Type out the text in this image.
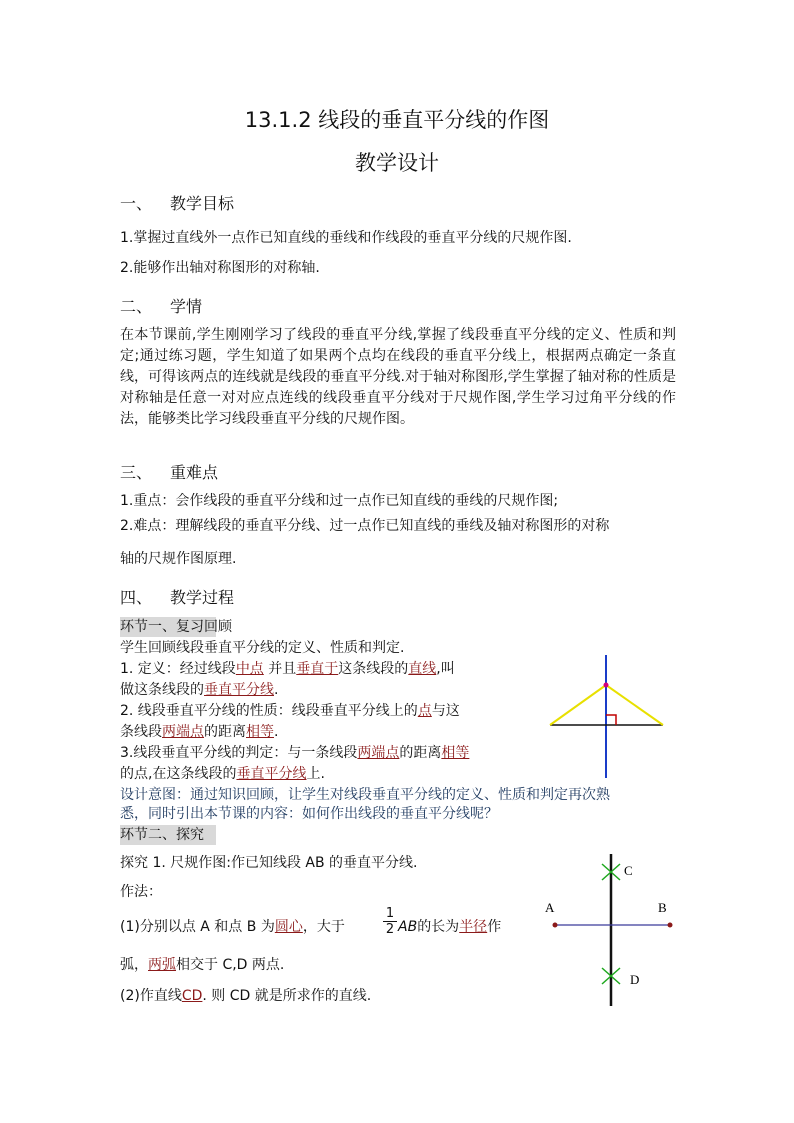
13.1.2 线段的垂直平分线的作图
教学设计
一、 教学目标
1.掌握过直线外一点作已知直线的垂线和作线段的垂直平分线的尺规作图.
2.能够作出轴对称图形的对称轴.
二、 学情
在本节课前,学生刚刚学习了线段的垂直平分线,掌握了线段垂直平分线的定义、性质和判定;通过练习题，学生知道了如果两个点均在线段的垂直平分线上，根据两点确定一条直线，可得该两点的连线就是线段的垂直平分线.对于轴对称图形,学生掌握了轴对称的性质是对称轴是任意一对对应点连线的线段垂直平分线对于尺规作图,学生学习过角平分线的作法，能够类比学习线段垂直平分线的尺规作图。
三、 重难点
1.重点：会作线段的垂直平分线和过一点作已知直线的垂线的尺规作图;
2.难点：理解线段的垂直平分线、过一点作已知直线的垂线及轴对称图形的对称
轴的尺规作图原理.
四、 教学过程
环节一、复习回顾
学生回顾线段垂直平分线的定义、性质和判定.
1. 定义：经过线段中点 并且垂直于这条线段的直线,叫
做这条线段的垂直平分线.
2. 线段垂直平分线的性质：线段垂直平分线上的点与这
条线段两端点的距离相等.
3.线段垂直平分线的判定：与一条线段两端点的距离相等
的点,在这条线段的垂直平分线上.
设计意图：通过知识回顾，让学生对线段垂直平分线的定义、性质和判定再次熟
悉，同时引出本节课的内容：如何作出线段的垂直平分线呢？
环节二、探究
探究 1. 尺规作图:作已知线段 AB 的垂直平分线.
作法：
(1)分别以点 A 和点 B 为圆心，大于	$\frac{1}{2}$ AB的长为半径作
弧，两弧相交于 C,D 两点.
(2)作直线CD. 则 CD 就是所求作的直线.
C
A	B
D
